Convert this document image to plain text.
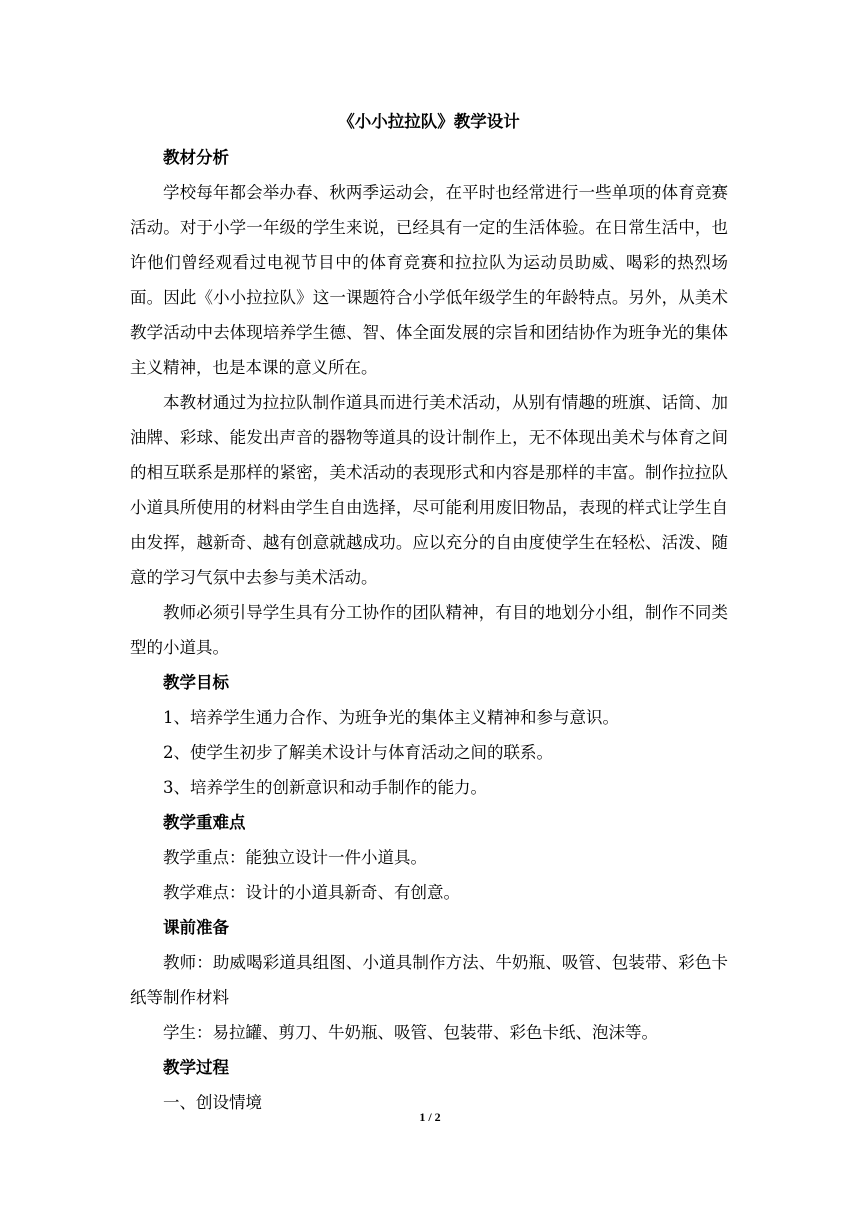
《小小拉拉队》教学设计

教材分析

学校每年都会举办春、秋两季运动会，在平时也经常进行一些单项的体育竞赛活动。对于小学一年级的学生来说，已经具有一定的生活体验。在日常生活中，也许他们曾经观看过电视节目中的体育竞赛和拉拉队为运动员助威、喝彩的热烈场面。因此《小小拉拉队》这一课题符合小学低年级学生的年龄特点。另外，从美术教学活动中去体现培养学生德、智、体全面发展的宗旨和团结协作为班争光的集体主义精神，也是本课的意义所在。

本教材通过为拉拉队制作道具而进行美术活动，从别有情趣的班旗、话筒、加油牌、彩球、能发出声音的器物等道具的设计制作上，无不体现出美术与体育之间的相互联系是那样的紧密，美术活动的表现形式和内容是那样的丰富。制作拉拉队小道具所使用的材料由学生自由选择，尽可能利用废旧物品，表现的样式让学生自由发挥，越新奇、越有创意就越成功。应以充分的自由度使学生在轻松、活泼、随意的学习气氛中去参与美术活动。

教师必须引导学生具有分工协作的团队精神，有目的地划分小组，制作不同类型的小道具。

教学目标

1、培养学生通力合作、为班争光的集体主义精神和参与意识。

2、使学生初步了解美术设计与体育活动之间的联系。

3、培养学生的创新意识和动手制作的能力。

教学重难点

教学重点：能独立设计一件小道具。

教学难点：设计的小道具新奇、有创意。

课前准备

教师：助威喝彩道具组图、小道具制作方法、牛奶瓶、吸管、包装带、彩色卡纸等制作材料

学生：易拉罐、剪刀、牛奶瓶、吸管、包装带、彩色卡纸、泡沫等。

教学过程

一、创设情境

1 / 2
